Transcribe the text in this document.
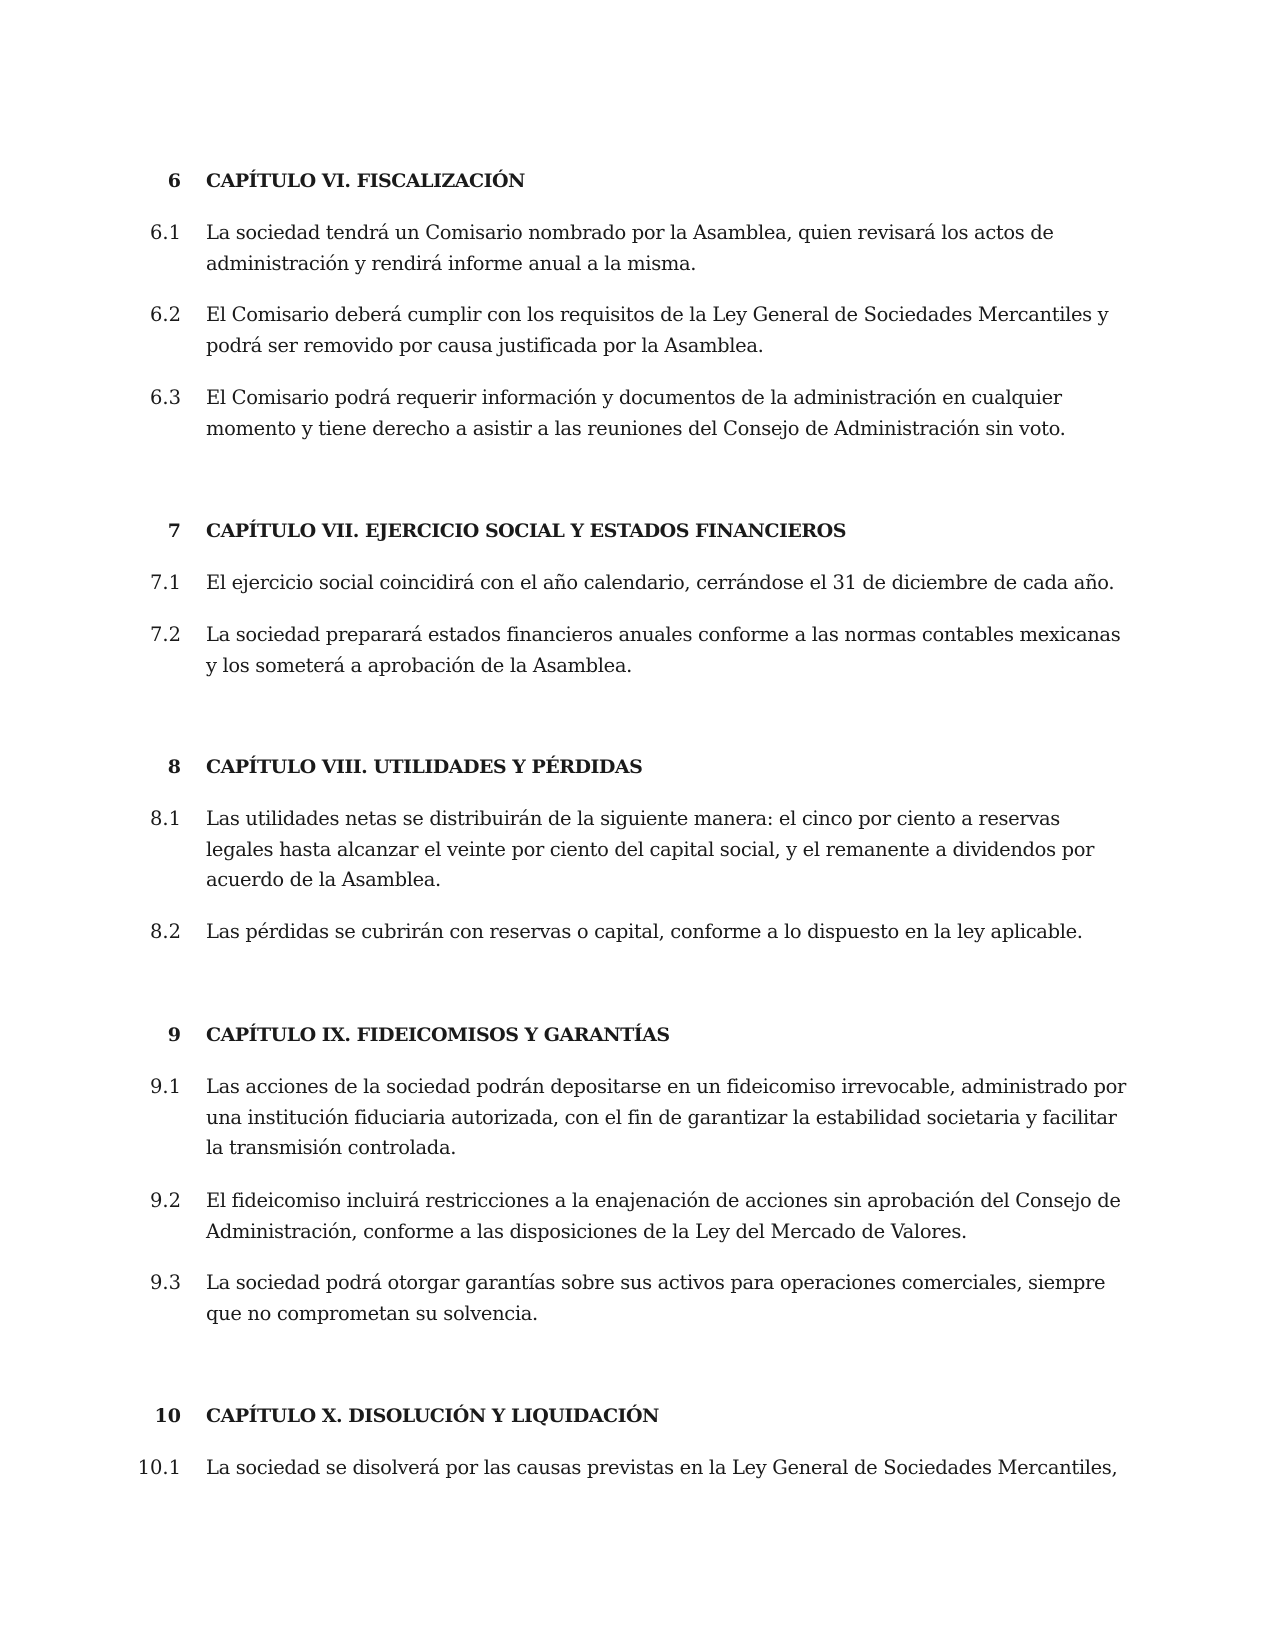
6 CAPÍTULO VI. FISCALIZACIÓN
6.1 La sociedad tendrá un Comisario nombrado por la Asamblea, quien revisará los actos de administración y rendirá informe anual a la misma.
6.2 El Comisario deberá cumplir con los requisitos de la Ley General de Sociedades Mercantiles y podrá ser removido por causa justificada por la Asamblea.
6.3 El Comisario podrá requerir información y documentos de la administración en cualquier momento y tiene derecho a asistir a las reuniones del Consejo de Administración sin voto.
7 CAPÍTULO VII. EJERCICIO SOCIAL Y ESTADOS FINANCIEROS
7.1 El ejercicio social coincidirá con el año calendario, cerrándose el 31 de diciembre de cada año.
7.2 La sociedad preparará estados financieros anuales conforme a las normas contables mexicanas y los someterá a aprobación de la Asamblea.
8 CAPÍTULO VIII. UTILIDADES Y PÉRDIDAS
8.1 Las utilidades netas se distribuirán de la siguiente manera: el cinco por ciento a reservas legales hasta alcanzar el veinte por ciento del capital social, y el remanente a dividendos por acuerdo de la Asamblea.
8.2 Las pérdidas se cubrirán con reservas o capital, conforme a lo dispuesto en la ley aplicable.
9 CAPÍTULO IX. FIDEICOMISOS Y GARANTÍAS
9.1 Las acciones de la sociedad podrán depositarse en un fideicomiso irrevocable, administrado por una institución fiduciaria autorizada, con el fin de garantizar la estabilidad societaria y facilitar la transmisión controlada.
9.2 El fideicomiso incluirá restricciones a la enajenación de acciones sin aprobación del Consejo de Administración, conforme a las disposiciones de la Ley del Mercado de Valores.
9.3 La sociedad podrá otorgar garantías sobre sus activos para operaciones comerciales, siempre que no comprometan su solvencia.
10 CAPÍTULO X. DISOLUCIÓN Y LIQUIDACIÓN
10.1 La sociedad se disolverá por las causas previstas en la Ley General de Sociedades Mercantiles,
